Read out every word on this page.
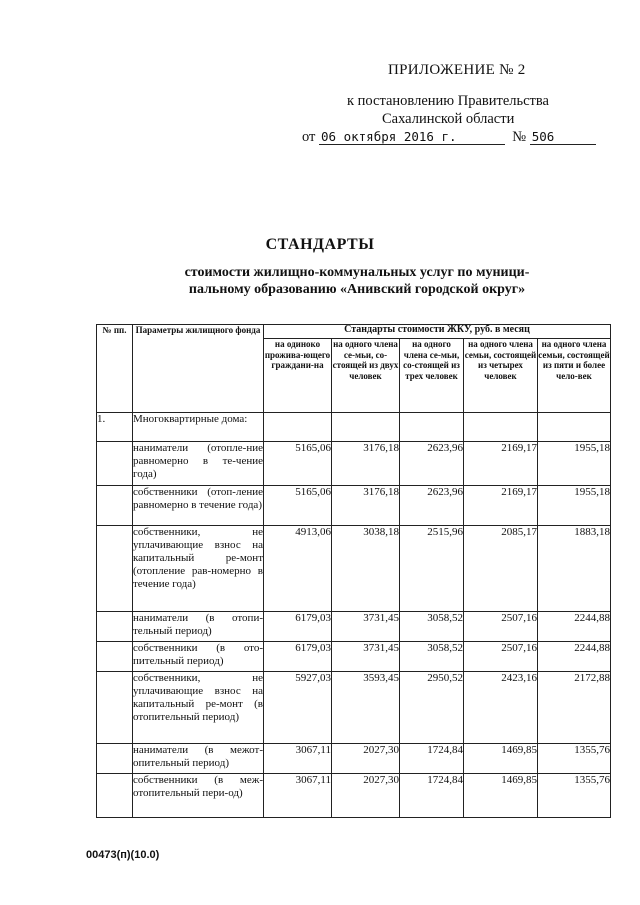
ПРИЛОЖЕНИЕ № 2
к постановлению Правительства
Сахалинской области
от 06 октября 2016 г.	№ 506
СТАНДАРТЫ
стоимости жилищно-коммунальных услуг по муници-
пальному образованию «Анивский городской округ»
№ пп.	Параметры жилищного фонда	Стандарты стоимости ЖКУ, руб. в месяц				
		на одиноко прожива-ющего граждани-на	на одного члена се-мьи, со-стоящей из двух человек	на одного члена се-мьи, со-стоящей из трех человек	на одного члена семьи, состоящей из четырех человек	на одного члена семьи, состоящей из пяти и более чело-век
1.	Многоквартирные дома:					
	наниматели (отопле-ние равномерно в те-чение года)	5165,06	3176,18	2623,96	2169,17	1955,18
	собственники (отоп-ление равномерно в течение года)	5165,06	3176,18	2623,96	2169,17	1955,18
	собственники, не уплачивающие взнос на капитальный ре-монт (отопление рав-номерно в течение года)	4913,06	3038,18	2515,96	2085,17	1883,18
	наниматели (в отопи-тельный период)	6179,03	3731,45	3058,52	2507,16	2244,88
	собственники (в ото-пительный период)	6179,03	3731,45	3058,52	2507,16	2244,88
	собственники, не уплачивающие взнос на капитальный ре-монт (в отопительный период)	5927,03	3593,45	2950,52	2423,16	2172,88
	наниматели (в межот-опительный период)	3067,11	2027,30	1724,84	1469,85	1355,76
	собственники (в меж-отопительный пери-од)	3067,11	2027,30	1724,84	1469,85	1355,76
00473(п)(10.0)
